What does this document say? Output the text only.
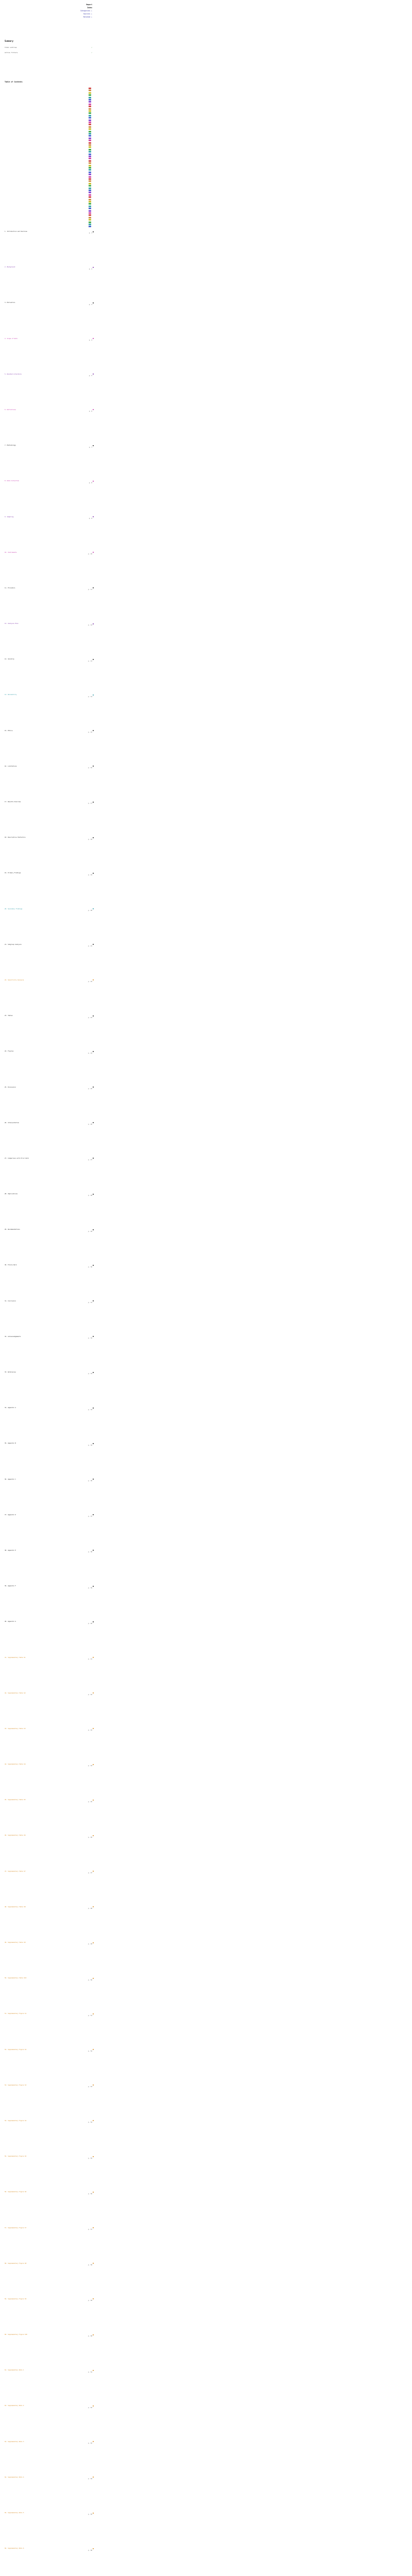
Report
Index
Categories ▸
Sources ▸
Related ▸
Summary
Total entries	✓
Active filters	✓
Table of Contents
1. Introduction and Overview
p. 1
2. Background
p. 2
3. Motivation
p. 3
4. Scope of Work
p. 4
5. Related Literature
p. 5
6. Definitions
p. 6
7. Methodology
p. 7
8. Data Collection
p. 8
9. Sampling
p. 9
10. Instruments
p. 10
11. Procedure
p. 11
12. Analysis Plan
p. 12
13. Validity
p. 13
14. Reliability
p. 14
15. Ethics
p. 15
16. Limitations
p. 16
17. Results Overview
p. 17
18. Descriptive Statistics
p. 18
19. Primary Findings
p. 19
20. Secondary Findings
p. 20
21. Subgroup Analysis
p. 21
22. Sensitivity Analysis
p. 22
23. Tables
p. 23
24. Figures
p. 24
25. Discussion
p. 25
26. Interpretation
p. 26
27. Comparison with Prior Work
p. 27
28. Implications
p. 28
29. Recommendations
p. 29
30. Future Work
p. 30
31. Conclusion
p. 31
32. Acknowledgements
p. 32
33. References
p. 33
34. Appendix A
p. 34
35. Appendix B
p. 35
36. Appendix C
p. 36
37. Appendix D
p. 37
38. Appendix E
p. 38
39. Appendix F
p. 39
40. Appendix G
p. 40
41. Supplementary Table S1
p. 41
42. Supplementary Table S2
p. 42
43. Supplementary Table S3
p. 43
44. Supplementary Table S4
p. 44
45. Supplementary Table S5
p. 45
46. Supplementary Table S6
p. 46
47. Supplementary Table S7
p. 47
48. Supplementary Table S8
p. 48
49. Supplementary Table S9
p. 49
50. Supplementary Table S10
p. 50
51. Supplementary Figure S1
p. 51
52. Supplementary Figure S2
p. 52
53. Supplementary Figure S3
p. 53
54. Supplementary Figure S4
p. 54
55. Supplementary Figure S5
p. 55
56. Supplementary Figure S6
p. 56
57. Supplementary Figure S7
p. 57
58. Supplementary Figure S8
p. 58
59. Supplementary Figure S9
p. 59
60. Supplementary Figure S10
p. 60
61. Supplementary Note 1
p. 61
62. Supplementary Note 2
p. 62
63. Supplementary Note 3
p. 63
64. Supplementary Note 4
p. 64
65. Supplementary Note 5
p. 65
66. Supplementary Note 6
p. 66
